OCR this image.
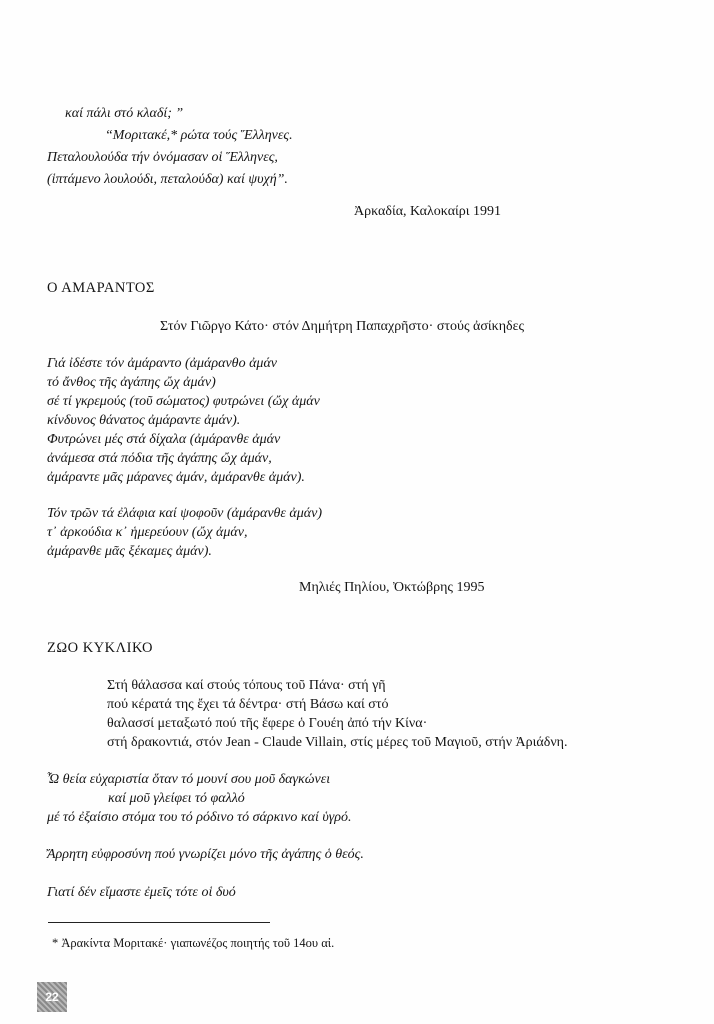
καί πάλι στό κλαδί; ”
“Μοριτακέ,* ρώτα τούς Ἕλληνες.
Πεταλουλούδα τήν ὀνόμασαν οἱ Ἕλληνες,
(ἱπτάμενο λουλούδι, πεταλούδα) καί ψυχή”.
Ἀρκαδία, Καλοκαίρι 1991
Ο ΑΜΑΡΑΝΤΟΣ
Στόν Γιῶργο Κάτο· στόν Δημήτρη Παπαχρῆστο· στούς ἀσίκηδες
Γιά ἰδέστε τόν ἀμάραντο (ἀμάρανθο ἀμάν
τό ἄνθος τῆς ἀγάπης ὤχ ἀμάν)
σέ τί γκρεμούς (τοῦ σώματος) φυτρώνει (ὤχ ἀμάν
κίνδυνος θάνατος ἀμάραντε ἀμάν).
Φυτρώνει μές στά δίχαλα (ἀμάρανθε ἀμάν
ἀνάμεσα στά πόδια τῆς ἀγάπης ὤχ ἀμάν,
ἀμάραντε μᾶς μάρανες ἀμάν, ἀμάρανθε ἀμάν).
Τόν τρῶν τά ἐλάφια καί ψοφοῦν (ἀμάρανθε ἀμάν)
τ᾿ ἀρκούδια κ᾿ ἡμερεύουν (ὤχ ἀμάν,
ἀμάρανθε μᾶς ξέκαμες ἀμάν).
Μηλιές Πηλίου, Ὀκτώβρης 1995
ΖΩΟ ΚΥΚΛΙΚΟ
Στή θάλασσα καί στούς τόπους τοῦ Πάνα· στή γῆ
πού κέρατά της ἔχει τά δέντρα· στή Βάσω καί στό
θαλασσί μεταξωτό πού τῆς ἔφερε ὁ Γουέη ἀπό τήν Κίνα·
στή δρακοντιά, στόν Jean - Claude Villain, στίς μέρες τοῦ Μαγιοῦ, στήν Ἀριάδνη.
Ὦ θεία εὐχαριστία ὅταν τό μουνί σου μοῦ δαγκώνει
καί μοῦ γλείφει τό φαλλό
μέ τό ἐξαίσιο στόμα του τό ρόδινο τό σάρκινο καί ὑγρό.
Ἄρρητη εὐφροσύνη πού γνωρίζει μόνο τῆς ἀγάπης ὁ θεός.
Γιατί δέν εἴμαστε ἐμεῖς τότε οἱ δυό
* Ἀρακίντα Μοριτακέ· γιαπωνέζος ποιητής τοῦ 14ου αἰ.
22
